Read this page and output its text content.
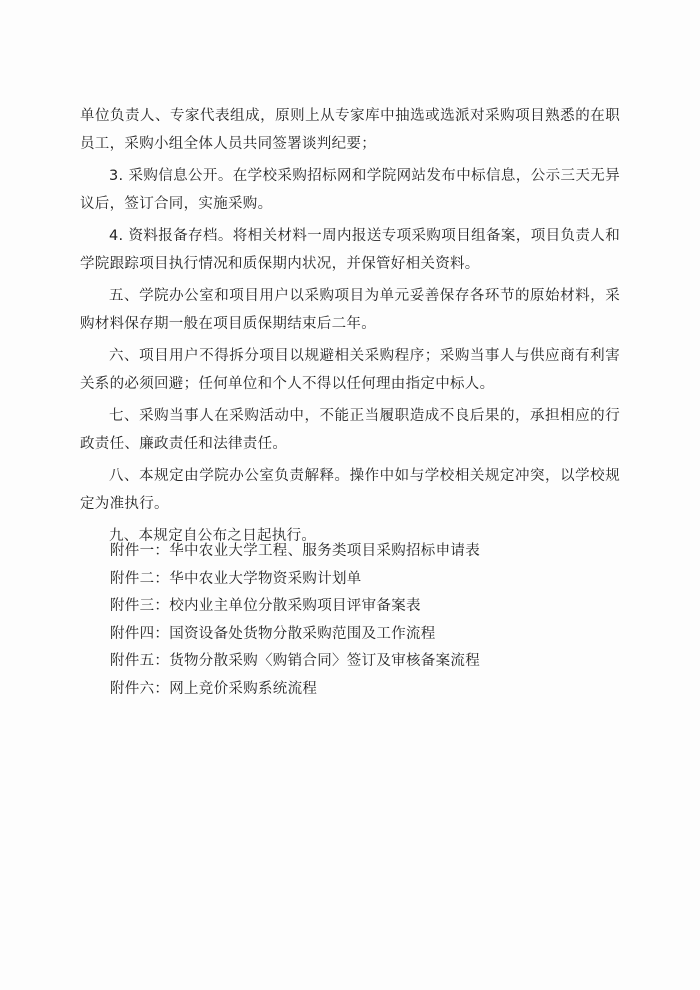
单位负责人、专家代表组成，原则上从专家库中抽选或选派对采购项目熟悉的在职员工，采购小组全体人员共同签署谈判纪要；

3. 采购信息公开。在学校采购招标网和学院网站发布中标信息，公示三天无异议后，签订合同，实施采购。

4. 资料报备存档。将相关材料一周内报送专项采购项目组备案，项目负责人和学院跟踪项目执行情况和质保期内状况，并保管好相关资料。

五、学院办公室和项目用户以采购项目为单元妥善保存各环节的原始材料，采购材料保存期一般在项目质保期结束后二年。

六、项目用户不得拆分项目以规避相关采购程序；采购当事人与供应商有利害关系的必须回避；任何单位和个人不得以任何理由指定中标人。

七、采购当事人在采购活动中，不能正当履职造成不良后果的，承担相应的行政责任、廉政责任和法律责任。

八、本规定由学院办公室负责解释。操作中如与学校相关规定冲突，以学校规定为准执行。

九、本规定自公布之日起执行。

附件一：华中农业大学工程、服务类项目采购招标申请表
附件二：华中农业大学物资采购计划单
附件三：校内业主单位分散采购项目评审备案表
附件四：国资设备处货物分散采购范围及工作流程
附件五：货物分散采购〈购销合同〉签订及审核备案流程
附件六：网上竞价采购系统流程
